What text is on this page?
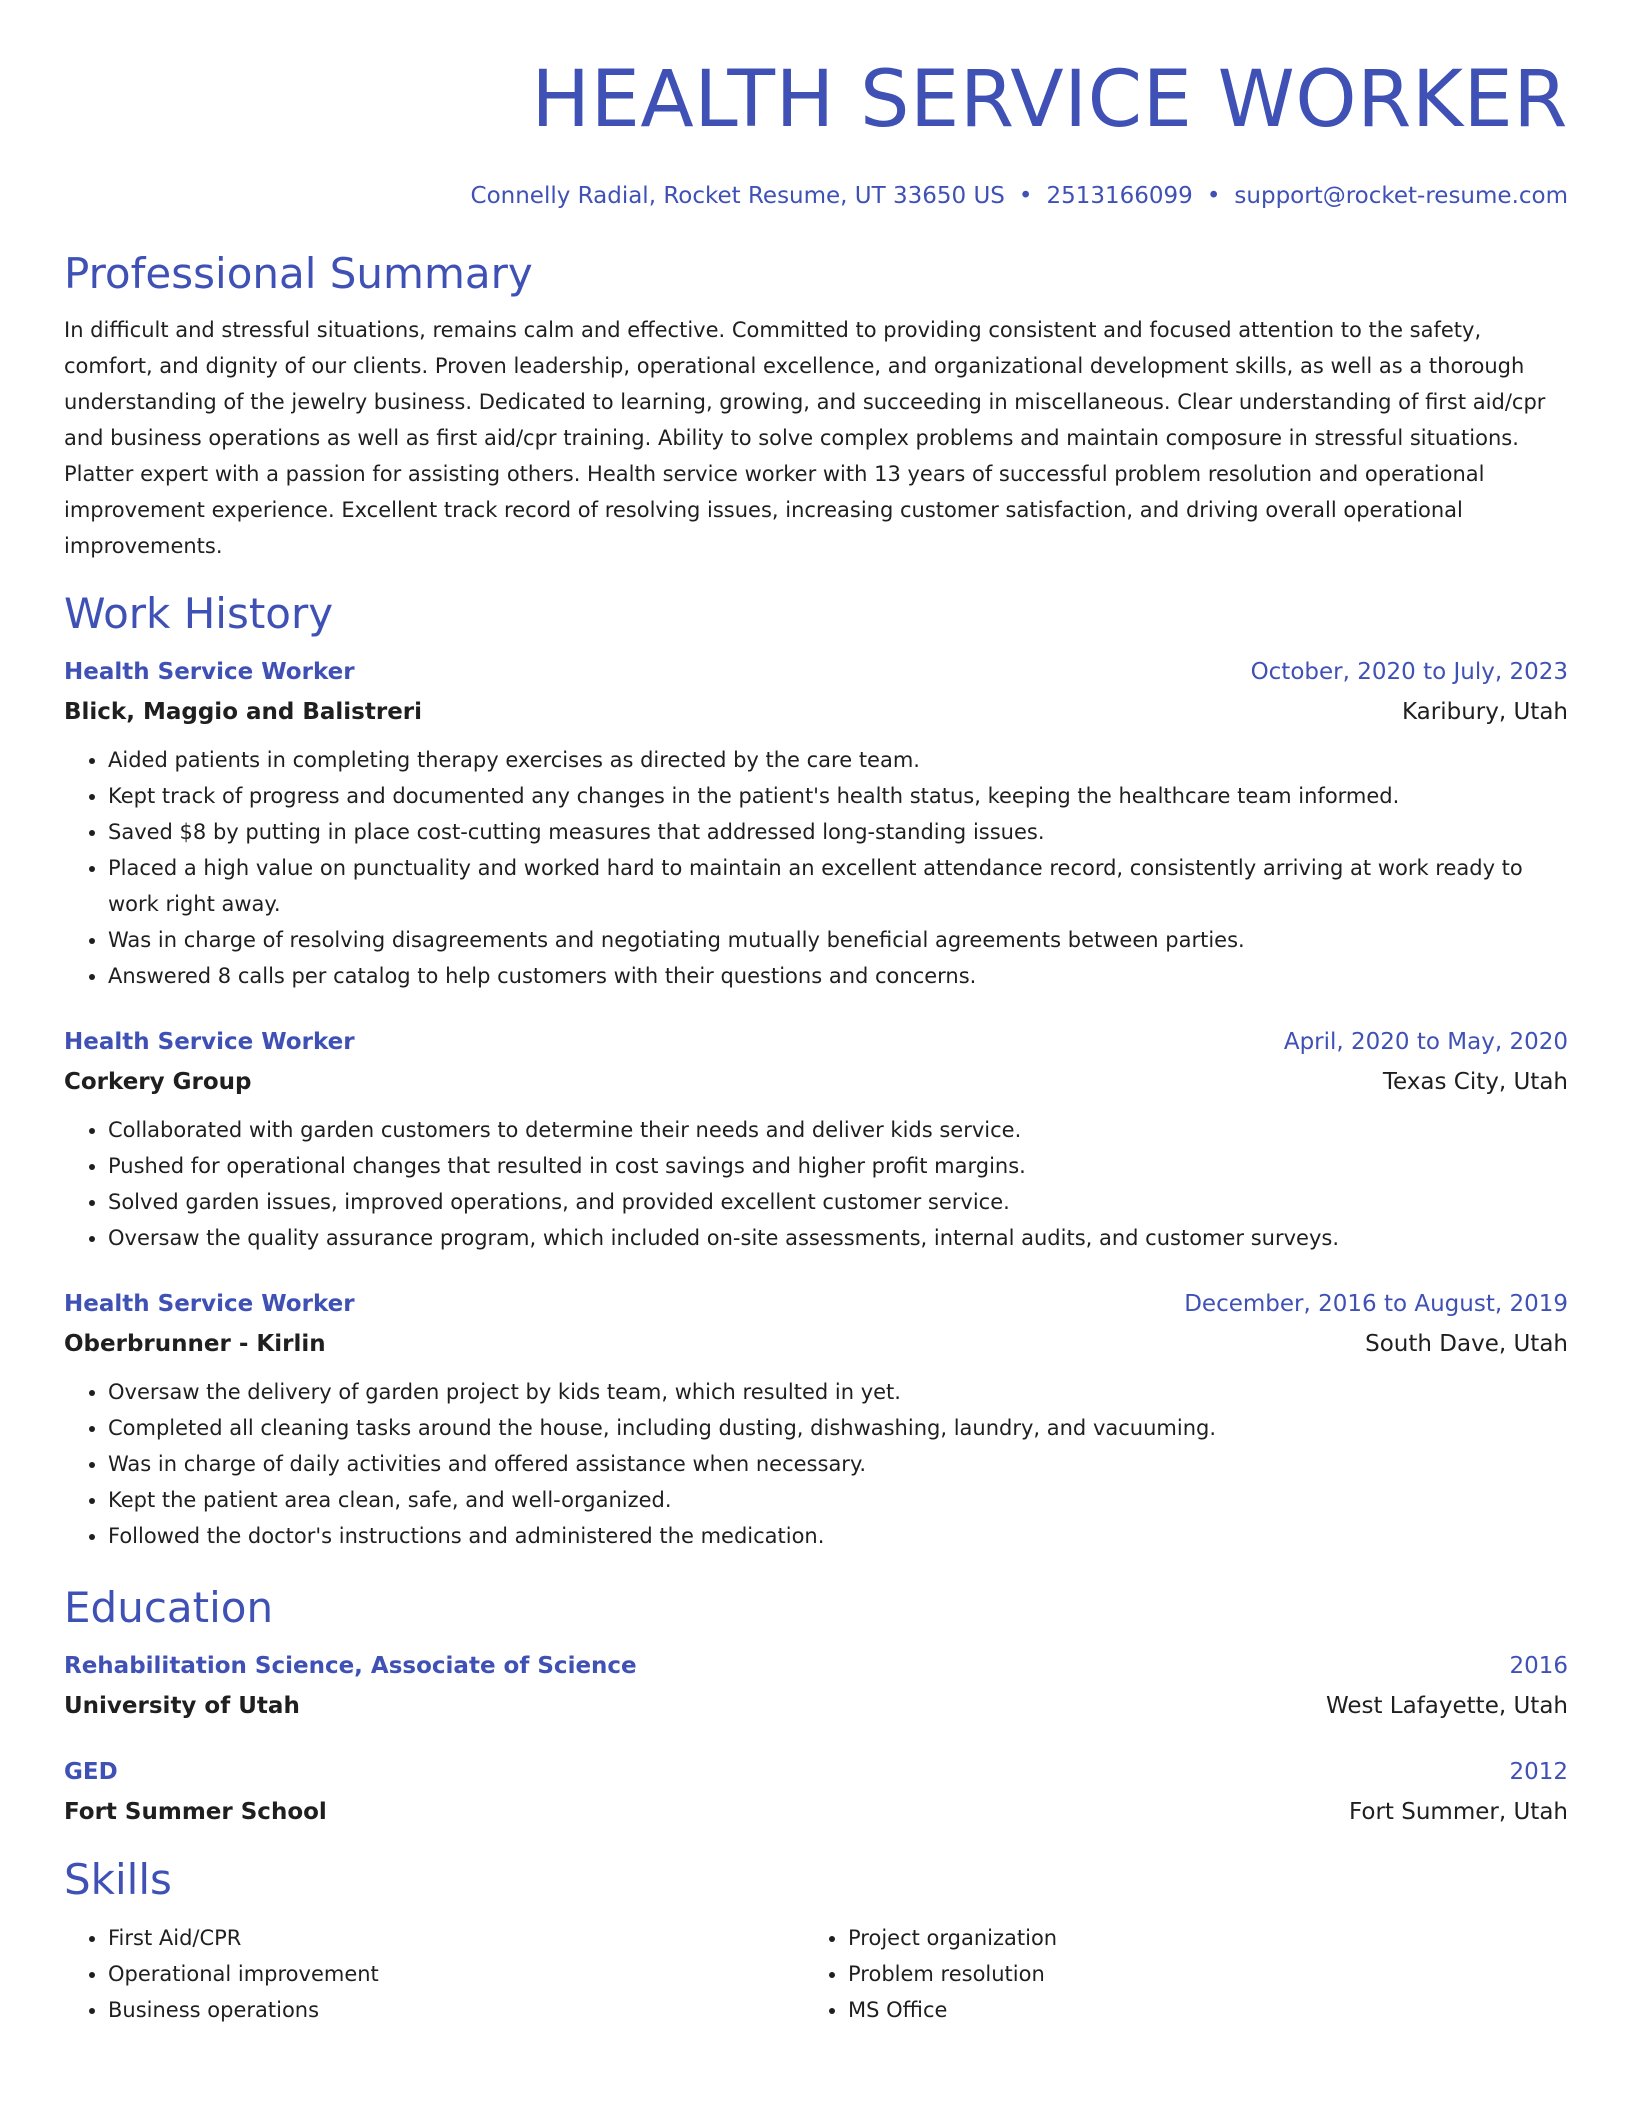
HEALTH SERVICE WORKER
Connelly Radial, Rocket Resume, UT 33650 US • 2513166099 • support@rocket-resume.com
Professional Summary
In difficult and stressful situations, remains calm and effective. Committed to providing consistent and focused attention to the safety, comfort, and dignity of our clients. Proven leadership, operational excellence, and organizational development skills, as well as a thorough understanding of the jewelry business. Dedicated to learning, growing, and succeeding in miscellaneous. Clear understanding of first aid/cpr and business operations as well as first aid/cpr training. Ability to solve complex problems and maintain composure in stressful situations. Platter expert with a passion for assisting others. Health service worker with 13 years of successful problem resolution and operational improvement experience. Excellent track record of resolving issues, increasing customer satisfaction, and driving overall operational improvements.
Work History
Health Service Worker	October, 2020 to July, 2023
Blick, Maggio and Balistreri	Karibury, Utah
• Aided patients in completing therapy exercises as directed by the care team.
• Kept track of progress and documented any changes in the patient's health status, keeping the healthcare team informed.
• Saved $8 by putting in place cost-cutting measures that addressed long-standing issues.
• Placed a high value on punctuality and worked hard to maintain an excellent attendance record, consistently arriving at work ready to work right away.
• Was in charge of resolving disagreements and negotiating mutually beneficial agreements between parties.
• Answered 8 calls per catalog to help customers with their questions and concerns.
Health Service Worker	April, 2020 to May, 2020
Corkery Group	Texas City, Utah
• Collaborated with garden customers to determine their needs and deliver kids service.
• Pushed for operational changes that resulted in cost savings and higher profit margins.
• Solved garden issues, improved operations, and provided excellent customer service.
• Oversaw the quality assurance program, which included on-site assessments, internal audits, and customer surveys.
Health Service Worker	December, 2016 to August, 2019
Oberbrunner - Kirlin	South Dave, Utah
• Oversaw the delivery of garden project by kids team, which resulted in yet.
• Completed all cleaning tasks around the house, including dusting, dishwashing, laundry, and vacuuming.
• Was in charge of daily activities and offered assistance when necessary.
• Kept the patient area clean, safe, and well-organized.
• Followed the doctor's instructions and administered the medication.
Education
Rehabilitation Science, Associate of Science	2016
University of Utah	West Lafayette, Utah
GED	2012
Fort Summer School	Fort Summer, Utah
Skills
• First Aid/CPR
• Operational improvement
• Business operations
• Project organization
• Problem resolution
• MS Office
